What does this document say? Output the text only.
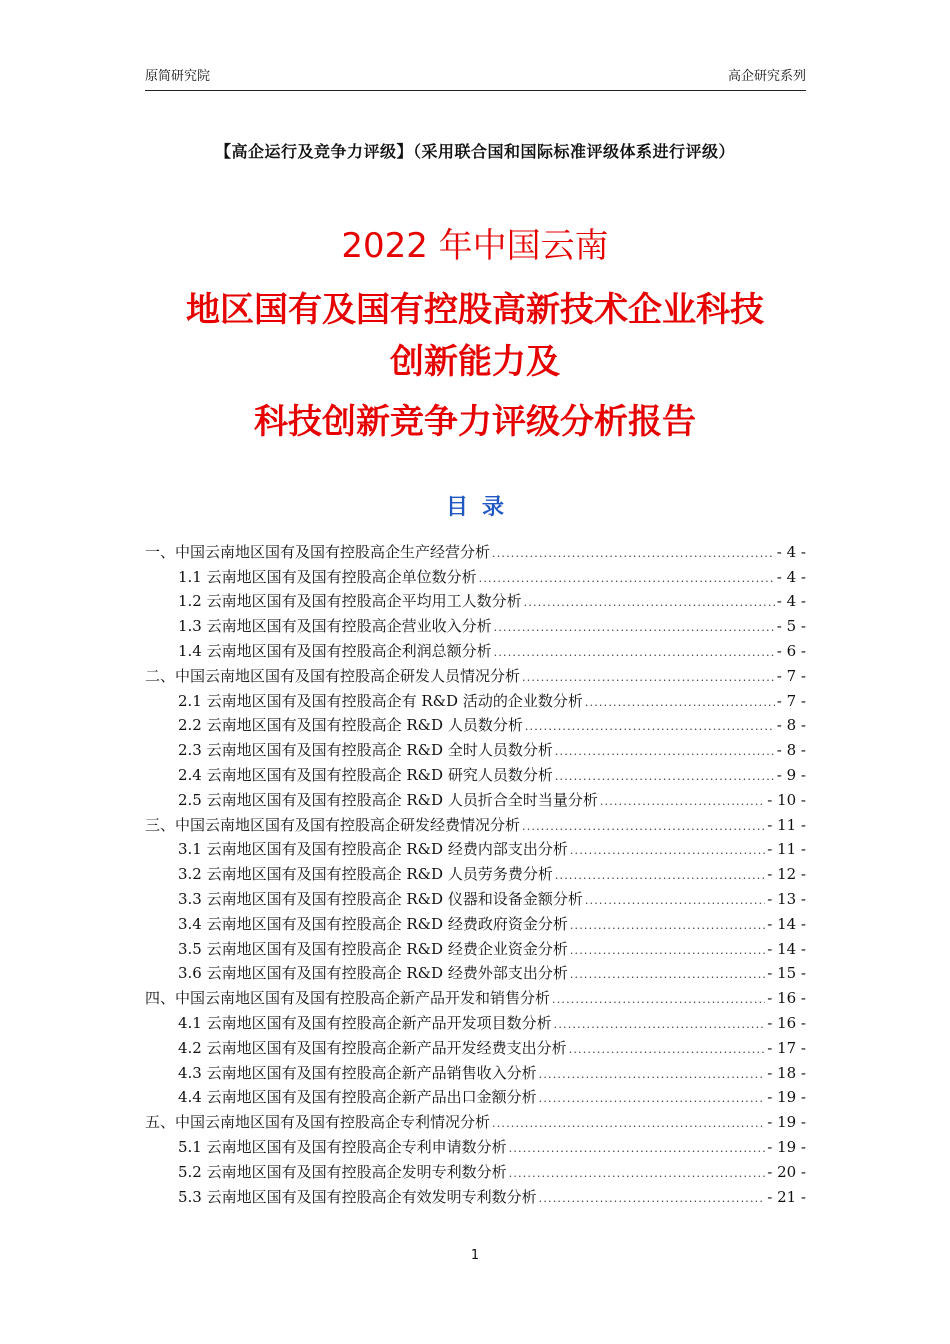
原简研究院	高企研究系列
【高企运行及竞争力评级】（采用联合国和国际标准评级体系进行评级）
2022 年中国云南
地区国有及国有控股高新技术企业科技
创新能力及
科技创新竞争力评级分析报告
目录
一、中国云南地区国有及国有控股高企生产经营分析 .....	- 4 -
1.1 云南地区国有及国有控股高企单位数分析 .....	- 4 -
1.2 云南地区国有及国有控股高企平均用工人数分析 .....	- 4 -
1.3 云南地区国有及国有控股高企营业收入分析 .....	- 5 -
1.4 云南地区国有及国有控股高企利润总额分析 .....	- 6 -
二、中国云南地区国有及国有控股高企研发人员情况分析 .....	- 7 -
2.1 云南地区国有及国有控股高企有 R&D 活动的企业数分析 .....	- 7 -
2.2 云南地区国有及国有控股高企 R&D 人员数分析 .....	- 8 -
2.3 云南地区国有及国有控股高企 R&D 全时人员数分析 .....	- 8 -
2.4 云南地区国有及国有控股高企 R&D 研究人员数分析 .....	- 9 -
2.5 云南地区国有及国有控股高企 R&D 人员折合全时当量分析 .....	- 10 -
三、中国云南地区国有及国有控股高企研发经费情况分析 .....	- 11 -
3.1 云南地区国有及国有控股高企 R&D 经费内部支出分析 .....	- 11 -
3.2 云南地区国有及国有控股高企 R&D 人员劳务费分析 .....	- 12 -
3.3 云南地区国有及国有控股高企 R&D 仪器和设备金额分析 .....	- 13 -
3.4 云南地区国有及国有控股高企 R&D 经费政府资金分析 .....	- 14 -
3.5 云南地区国有及国有控股高企 R&D 经费企业资金分析 .....	- 14 -
3.6 云南地区国有及国有控股高企 R&D 经费外部支出分析 .....	- 15 -
四、中国云南地区国有及国有控股高企新产品开发和销售分析 .....	- 16 -
4.1 云南地区国有及国有控股高企新产品开发项目数分析 .....	- 16 -
4.2 云南地区国有及国有控股高企新产品开发经费支出分析 .....	- 17 -
4.3 云南地区国有及国有控股高企新产品销售收入分析 .....	- 18 -
4.4 云南地区国有及国有控股高企新产品出口金额分析 .....	- 19 -
五、中国云南地区国有及国有控股高企专利情况分析 .....	- 19 -
5.1 云南地区国有及国有控股高企专利申请数分析 .....	- 19 -
5.2 云南地区国有及国有控股高企发明专利数分析 .....	- 20 -
5.3 云南地区国有及国有控股高企有效发明专利数分析 .....	- 21 -
1
